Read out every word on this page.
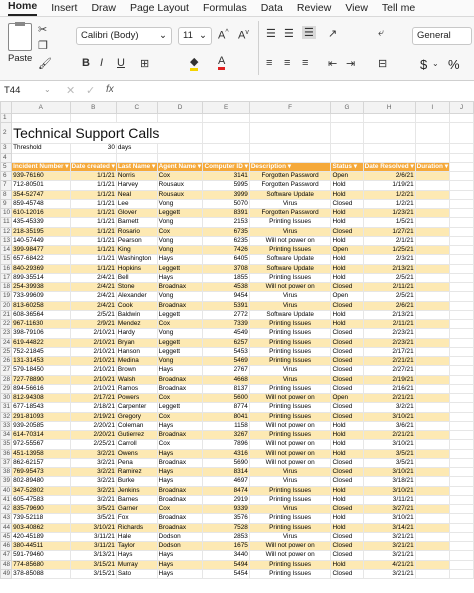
Home Insert Draw Page Layout Formulas Data Review View Tell me
Paste
✂
❐
🖌
Calibri (Body) ⌄	11 ⌄ A^ $A^v$
B I U ⊞	◆ A
☰ ☰ ☰ ↗	⤶
≡ ≡ ≡ ⇤ ⇥ ⊟
General
$ ⌄ %
T44	⌄ ✕ ✓ fx
	A	B	C	D	E	F	G	H	I	J
1										
2	Technical Support Calls									
3	Threshold	30	days							
4										
5	Incident Number ▾	Date created ▾	Last Name ▾	Agent Name ▾	Computer ID ▾	Description ▾	Status ▾	Date Resolved ▾	Duration ▾	
6	939-76160	1/1/21	Norris	Cox	3141	Forgotten Password	Open	2/6/21		
7	712-80501	1/1/21	Harvey	Rousaux	5995	Forgotten Password	Hold	1/19/21		
8	354-52747	1/1/21	Neal	Rousaux	3999	Software Update	Hold	1/2/21		
9	859-45748	1/1/21	Lee	Vong	5070	Virus	Closed	1/2/21		
10	610-12016	1/1/21	Glover	Leggett	8391	Forgotten Password	Hold	1/23/21		
11	435-45339	1/1/21	Barnett	Vong	2153	Printing Issues	Hold	1/5/21		
12	218-35195	1/1/21	Rosario	Cox	6735	Virus	Closed	1/27/21		
13	140-57449	1/1/21	Pearson	Vong	6235	Will not power on	Hold	2/1/21		
14	399-98477	1/1/21	King	Vong	7426	Printing Issues	Open	1/25/21		
15	657-68422	1/1/21	Washington	Hays	6405	Software Update	Hold	2/3/21		
16	840-29369	1/1/21	Hopkins	Leggett	3708	Software Update	Hold	2/13/21		
17	899-35514	2/4/21	Bell	Hays	1855	Printing Issues	Hold	2/5/21		
18	254-39938	2/4/21	Stone	Broadnax	4538	Will not power on	Closed	2/11/21		
19	733-99609	2/4/21	Alexander	Vong	9454	Virus	Open	2/5/21		
20	813-60258	2/4/21	Cook	Broadnax	5391	Virus	Closed	2/6/21		
21	608-36564	2/5/21	Baldwin	Leggett	2772	Software Update	Hold	2/13/21		
22	967-11630	2/9/21	Mendez	Cox	7339	Printing Issues	Hold	2/11/21		
23	398-79106	2/10/21	Hardy	Vong	4549	Printing Issues	Closed	2/23/21		
24	619-44822	2/10/21	Bryan	Leggett	6257	Printing Issues	Closed	2/23/21		
25	752-21845	2/10/21	Hanson	Leggett	5453	Printing Issues	Closed	2/17/21		
26	131-31453	2/10/21	Medina	Vong	5469	Printing Issues	Closed	2/21/21		
27	579-18450	2/10/21	Brown	Hays	2767	Virus	Closed	2/27/21		
28	727-78890	2/10/21	Walsh	Broadnax	4668	Virus	Closed	2/19/21		
29	894-56616	2/10/21	Ramos	Broadnax	8137	Printing Issues	Closed	2/16/21		
30	812-94308	2/17/21	Powers	Cox	5600	Will not power on	Open	2/21/21		
31	677-18543	2/18/21	Carpenter	Leggett	8774	Printing Issues	Closed	3/2/21		
32	291-81093	2/19/21	Gregory	Cox	8041	Printing Issues	Closed	3/10/21		
33	939-20585	2/20/21	Coleman	Hays	1158	Will not power on	Hold	3/6/21		
34	614-70314	2/20/21	Gutierrez	Broadnax	3267	Printing Issues	Hold	2/21/21		
35	972-55567	2/25/21	Carroll	Cox	7896	Will not power on	Hold	3/10/21		
36	451-13958	3/2/21	Owens	Hays	4316	Will not power on	Hold	3/5/21		
37	862-62157	3/2/21	Pena	Broadnax	5690	Will not power on	Closed	3/5/21		
38	769-95473	3/2/21	Ramirez	Hays	8314	Virus	Closed	3/10/21		
39	802-89480	3/2/21	Burke	Hays	4697	Virus	Closed	3/18/21		
40	347-52802	3/2/21	Jenkins	Broadnax	8474	Printing Issues	Hold	3/10/21		
41	605-47583	3/2/21	Barnes	Broadnax	2919	Printing Issues	Hold	3/11/21		
42	835-79690	3/5/21	Garner	Cox	9339	Virus	Closed	3/27/21		
43	739-52118	3/5/21	Fox	Broadnax	3576	Printing Issues	Hold	3/10/21		
44	903-40862	3/10/21	Richards	Broadnax	7528	Printing Issues	Hold	3/14/21		
45	420-45189	3/11/21	Hale	Dodson	2853	Virus	Closed	3/21/21		
46	380-44511	3/11/21	Taylor	Dodson	1675	Will not power on	Closed	3/21/21		
47	591-79460	3/13/21	Hays	Hays	3440	Will not power on	Closed	3/21/21		
48	774-85680	3/15/21	Murray	Hays	5494	Printing Issues	Hold	4/21/21		
49	378-85088	3/15/21	Sato	Hays	5454	Printing Issues	Closed	3/21/21		
